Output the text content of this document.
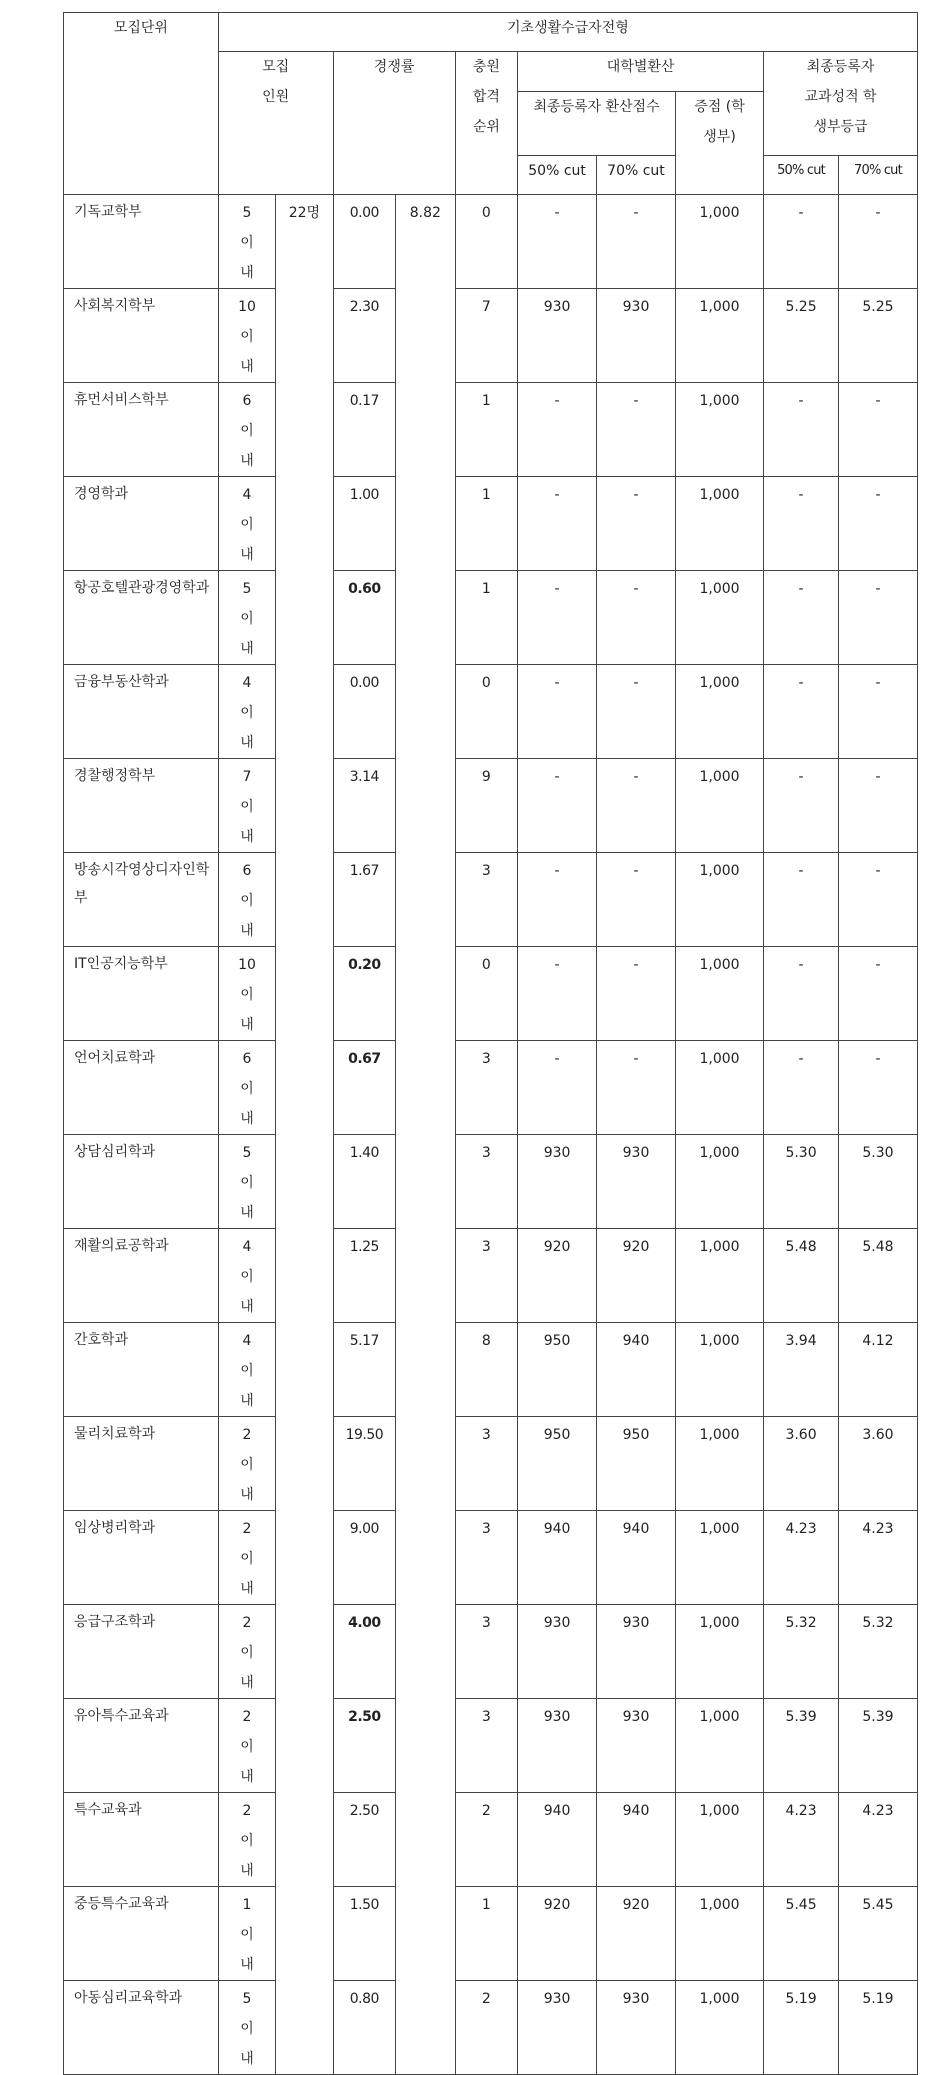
모집단위	기초생활수급자전형									

	모집 인원		경쟁률		충원 합격 순위	대학별환산			최종등록자 교과성적 학생부등급	

						최종등록자 환산점수		증점 (학생부)		

						50% cut	70% cut		50% cut	70% cut
기독교학부	5 이내	22명	0.00	8.82	0	-	-	1,000	-	-
사회복지학부	10 이내		2.30		7	930	930	1,000	5.25	5.25
휴먼서비스학부	6 이내		0.17		1	-	-	1,000	-	-
경영학과	4 이내		1.00		1	-	-	1,000	-	-
항공호텔관광경영학과	5 이내		0.60		1	-	-	1,000	-	-
금융부동산학과	4 이내		0.00		0	-	-	1,000	-	-
경찰행정학부	7 이내		3.14		9	-	-	1,000	-	-
방송시각영상디자인학부	6 이내		1.67		3	-	-	1,000	-	-
IT인공지능학부	10 이내		0.20		0	-	-	1,000	-	-
언어치료학과	6 이내		0.67		3	-	-	1,000	-	-
상담심리학과	5 이내		1.40		3	930	930	1,000	5.30	5.30
재활의료공학과	4 이내		1.25		3	920	920	1,000	5.48	5.48
간호학과	4 이내		5.17		8	950	940	1,000	3.94	4.12
물리치료학과	2 이내		19.50		3	950	950	1,000	3.60	3.60
임상병리학과	2 이내		9.00		3	940	940	1,000	4.23	4.23
응급구조학과	2 이내		4.00		3	930	930	1,000	5.32	5.32
유아특수교육과	2 이내		2.50		3	930	930	1,000	5.39	5.39
특수교육과	2 이내		2.50		2	940	940	1,000	4.23	4.23
중등특수교육과	1 이내		1.50		1	920	920	1,000	5.45	5.45
아동심리교육학과	5 이내		0.80		2	930	930	1,000	5.19	5.19
